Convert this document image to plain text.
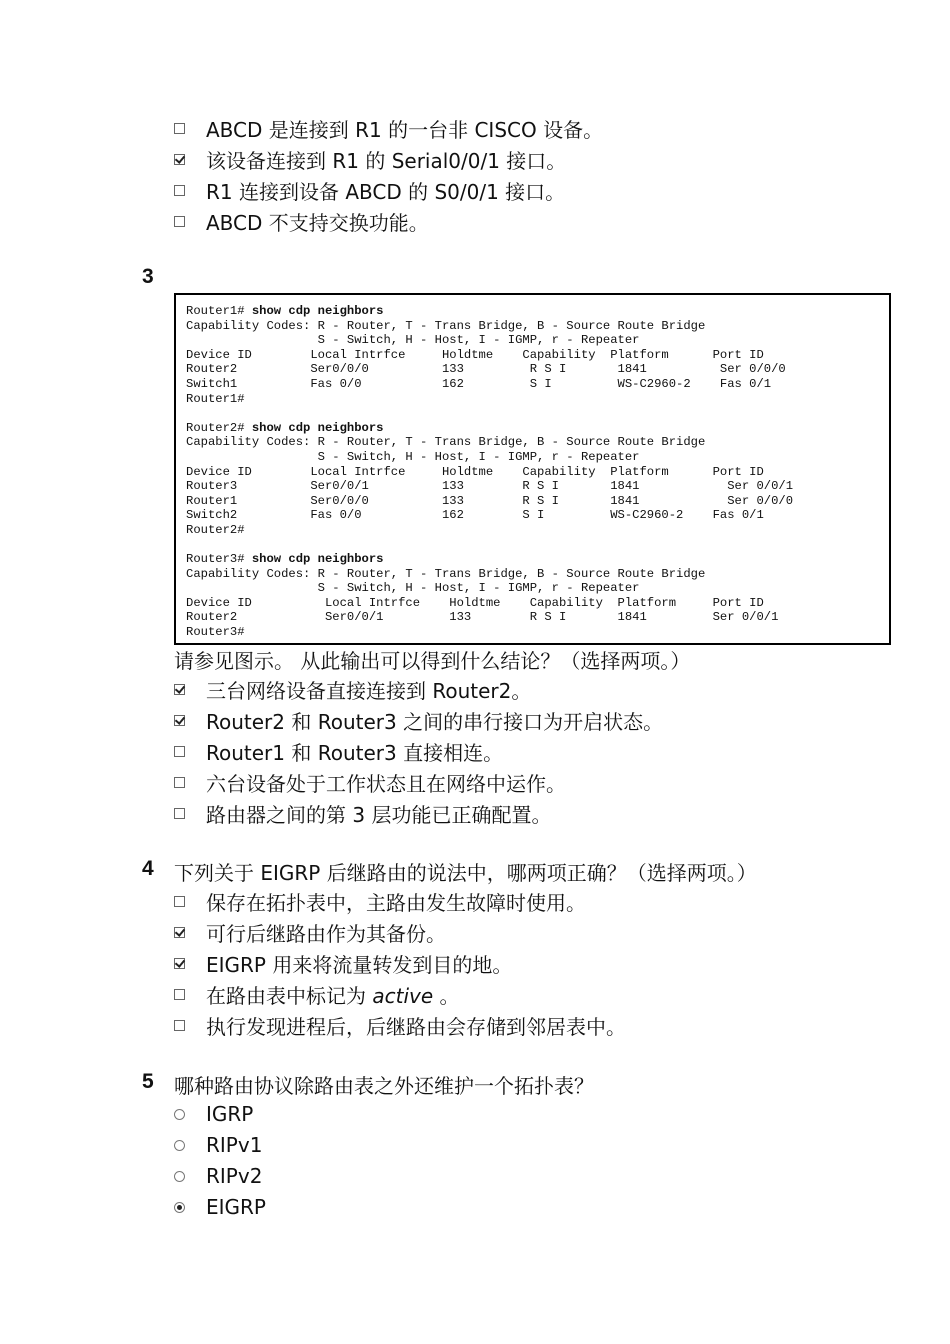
ABCD 是连接到 R1 的一台非 CISCO 设备。
该设备连接到 R1 的 Serial0/0/1 接口。
R1 连接到设备 ABCD 的 S0/0/1 接口。
ABCD 不支持交换功能。
3
Router1# show cdp neighbors
Capability Codes: R - Router, T - Trans Bridge, B - Source Route Bridge
S - Switch, H - Host, I - IGMP, r - Repeater
Device ID        Local Intrfce     Holdtme    Capability  Platform      Port ID
Router2          Ser0/0/0          133         R S I       1841          Ser 0/0/0
Switch1          Fas 0/0           162         S I         WS-C2960-2    Fas 0/1
Router1#
Router2# show cdp neighbors
Capability Codes: R - Router, T - Trans Bridge, B - Source Route Bridge
S - Switch, H - Host, I - IGMP, r - Repeater
Device ID        Local Intrfce     Holdtme    Capability  Platform      Port ID
Router3          Ser0/0/1          133        R S I       1841            Ser 0/0/1
Router1          Ser0/0/0          133        R S I       1841            Ser 0/0/0
Switch2          Fas 0/0           162        S I         WS-C2960-2    Fas 0/1
Router2#
Router3# show cdp neighbors
Capability Codes: R - Router, T - Trans Bridge, B - Source Route Bridge
S - Switch, H - Host, I - IGMP, r - Repeater
Device ID          Local Intrfce    Holdtme    Capability  Platform     Port ID
Router2            Ser0/0/1         133        R S I       1841         Ser 0/0/1
Router3#
请参见图示。 从此输出可以得到什么结论？（选择两项。）
三台网络设备直接连接到 Router2。
Router2 和 Router3 之间的串行接口为开启状态。
Router1 和 Router3 直接相连。
六台设备处于工作状态且在网络中运作。
路由器之间的第 3 层功能已正确配置。
4 下列关于 EIGRP 后继路由的说法中，哪两项正确？（选择两项。）
保存在拓扑表中，主路由发生故障时使用。
可行后继路由作为其备份。
EIGRP 用来将流量转发到目的地。
在路由表中标记为 active 。
执行发现进程后，后继路由会存储到邻居表中。
5 哪种路由协议除路由表之外还维护一个拓扑表？
IGRP
RIPv1
RIPv2
EIGRP
